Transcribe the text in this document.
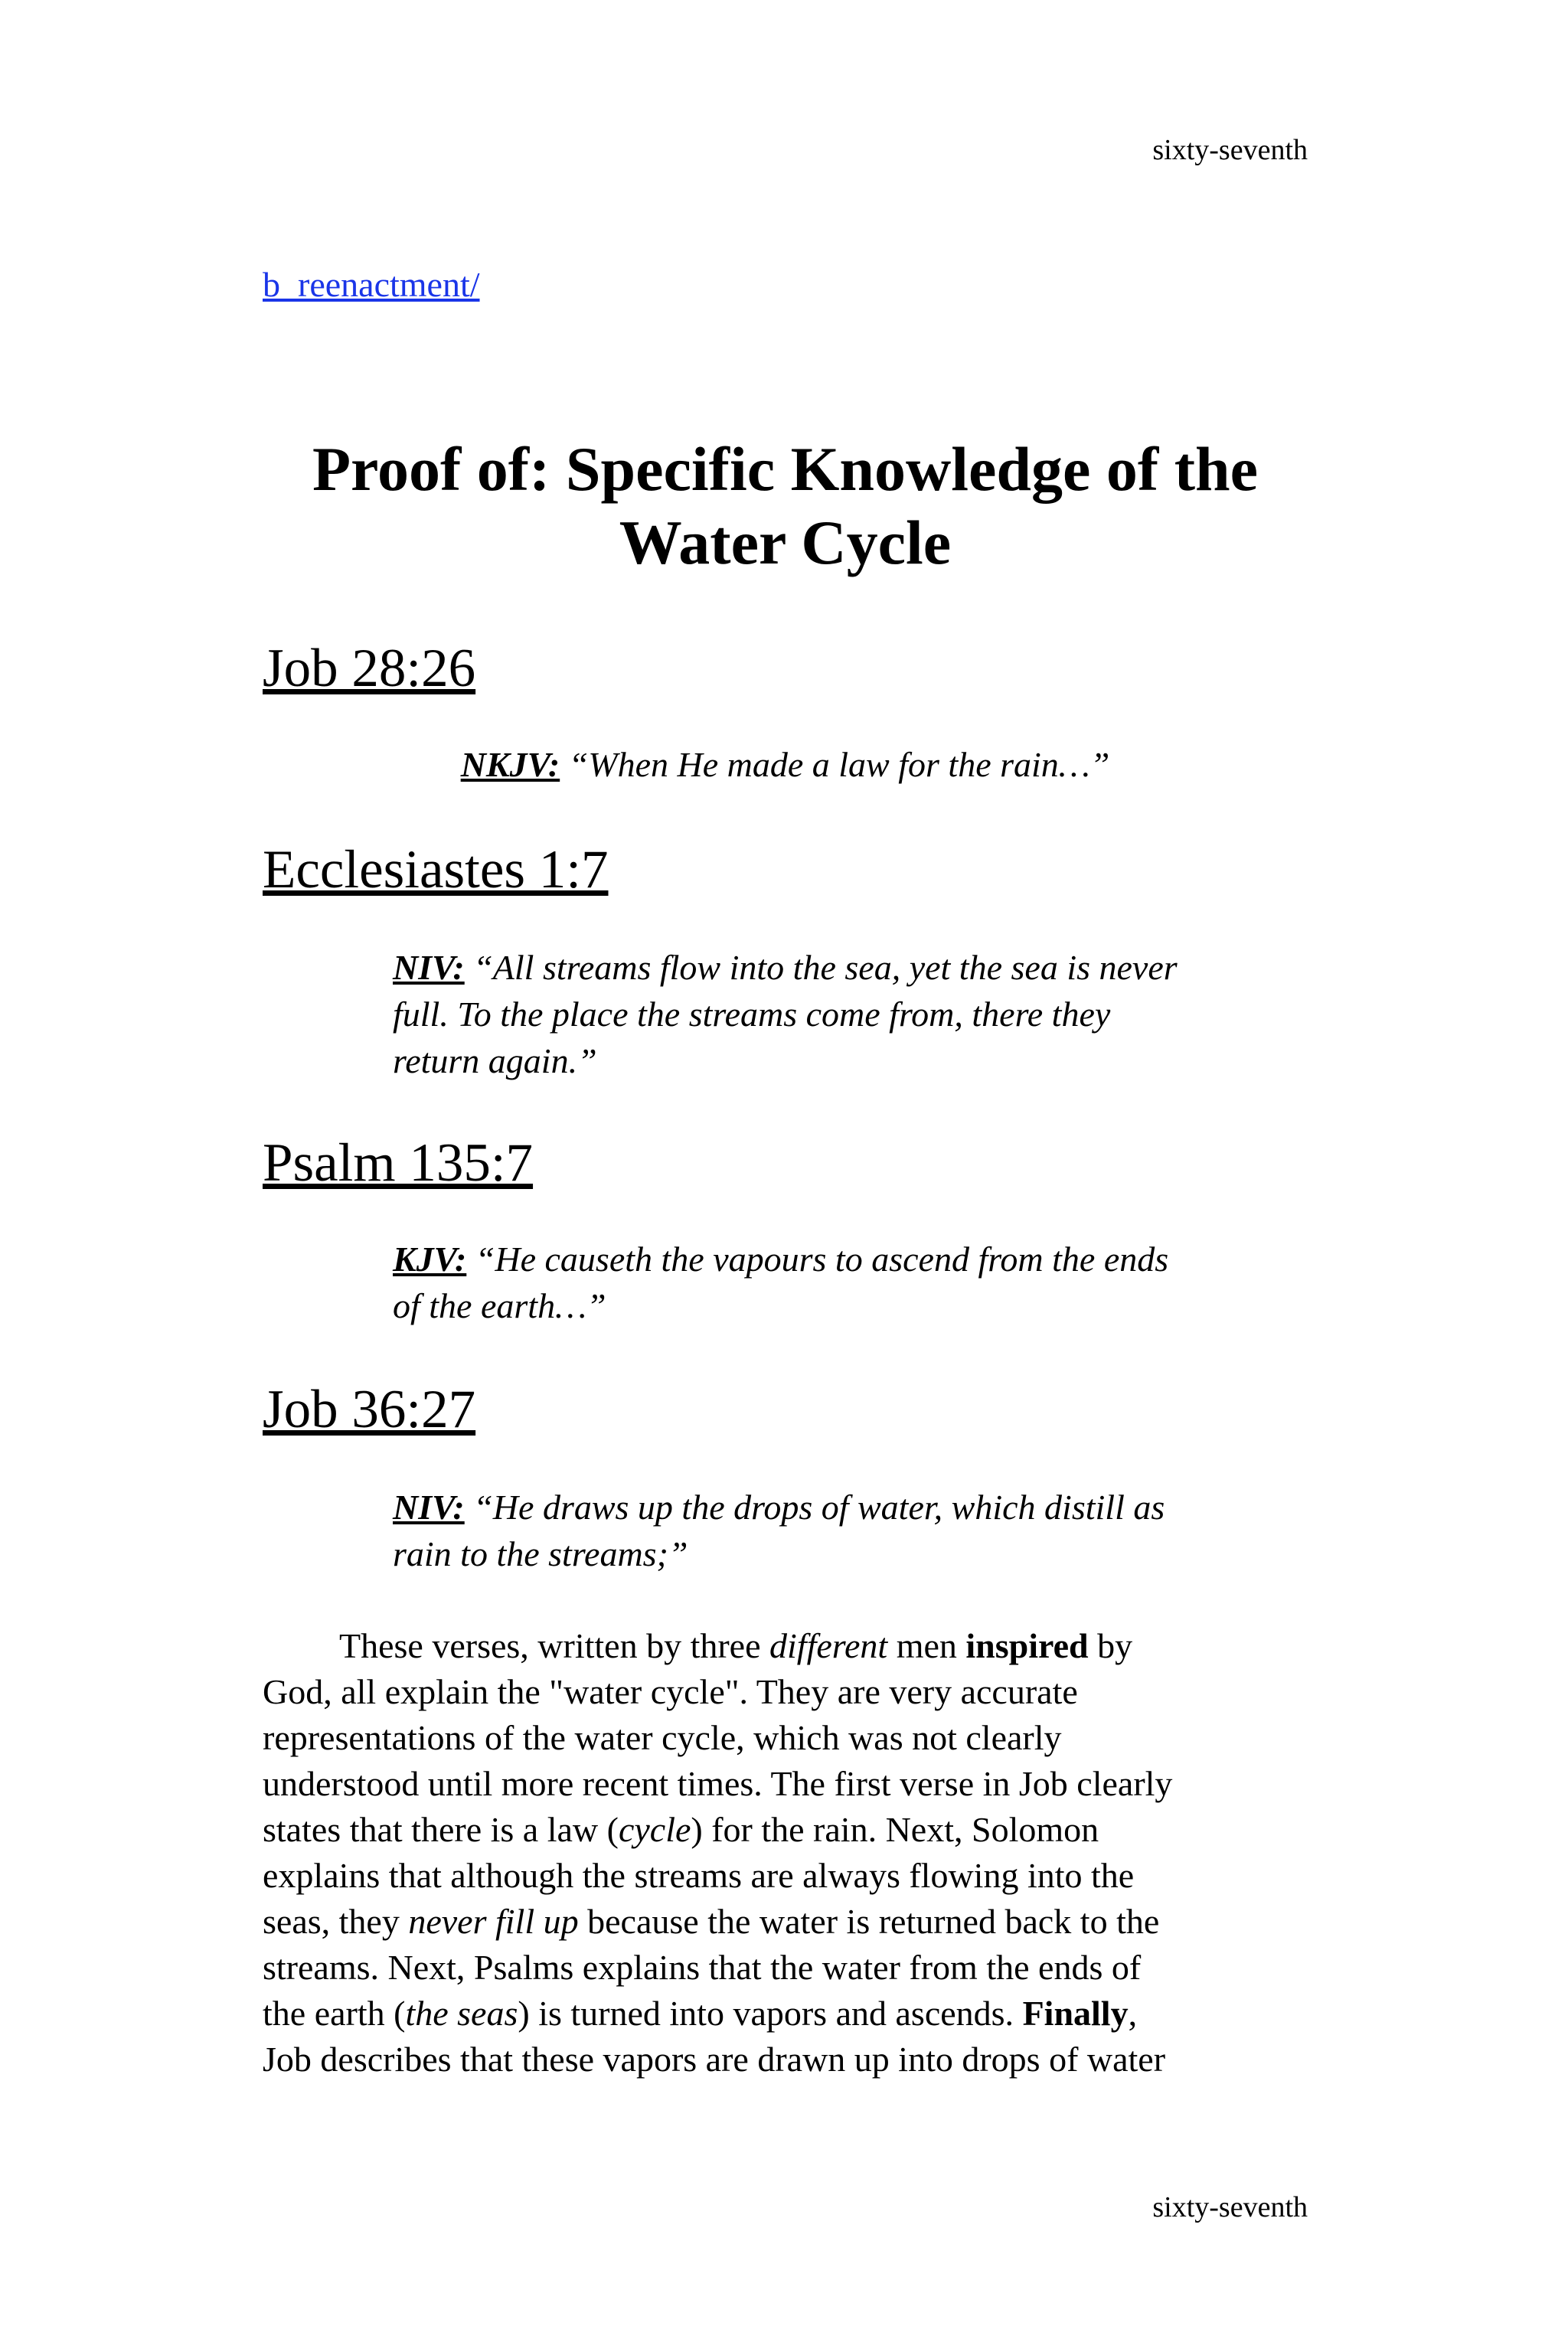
sixty-seventh
b_reenactment/
Proof of: Specific Knowledge of the
Water Cycle
Job 28:26
NKJV: “When He made a law for the rain…”
Ecclesiastes 1:7
NIV: “All streams flow into the sea, yet the sea is never
full. To the place the streams come from, there they
return again.”
Psalm 135:7
KJV: “He causeth the vapours to ascend from the ends
of the earth…”
Job 36:27
NIV: “He draws up the drops of water, which distill as
rain to the streams;”
These verses, written by three different men inspired by
God, all explain the "water cycle". They are very accurate
representations of the water cycle, which was not clearly
understood until more recent times. The first verse in Job clearly
states that there is a law (cycle) for the rain. Next, Solomon
explains that although the streams are always flowing into the
seas, they never fill up because the water is returned back to the
streams. Next, Psalms explains that the water from the ends of
the earth (the seas) is turned into vapors and ascends. Finally,
Job describes that these vapors are drawn up into drops of water
sixty-seventh
